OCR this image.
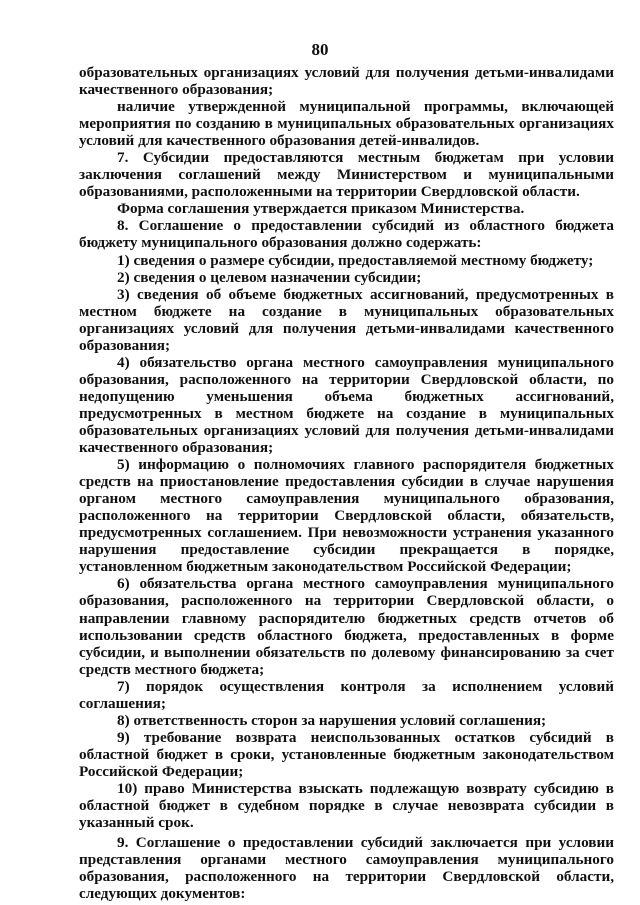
80

образовательных организациях условий для получения детьми-инвалидами качественного образования;

наличие утвержденной муниципальной программы, включающей мероприятия по созданию в муниципальных образовательных организациях условий для качественного образования детей-инвалидов.

7. Субсидии предоставляются местным бюджетам при условии заключения соглашений между Министерством и муниципальными образованиями, расположенными на территории Свердловской области.

Форма соглашения утверждается приказом Министерства.

8. Соглашение о предоставлении субсидий из областного бюджета бюджету муниципального образования должно содержать:

1) сведения о размере субсидии, предоставляемой местному бюджету;

2) сведения о целевом назначении субсидии;

3) сведения об объеме бюджетных ассигнований, предусмотренных в местном бюджете на создание в муниципальных образовательных организациях условий для получения детьми-инвалидами качественного образования;

4) обязательство органа местного самоуправления муниципального образования, расположенного на территории Свердловской области, по недопущению уменьшения объема бюджетных ассигнований, предусмотренных в местном бюджете на создание в муниципальных образовательных организациях условий для получения детьми-инвалидами качественного образования;

5) информацию о полномочиях главного распорядителя бюджетных средств на приостановление предоставления субсидии в случае нарушения органом местного самоуправления муниципального образования, расположенного на территории Свердловской области, обязательств, предусмотренных соглашением. При невозможности устранения указанного нарушения предоставление субсидии прекращается в порядке, установленном бюджетным законодательством Российской Федерации;

6) обязательства органа местного самоуправления муниципального образования, расположенного на территории Свердловской области, о направлении главному распорядителю бюджетных средств отчетов об использовании средств областного бюджета, предоставленных в форме субсидии, и выполнении обязательств по долевому финансированию за счет средств местного бюджета;

7) порядок осуществления контроля за исполнением условий соглашения;

8) ответственность сторон за нарушения условий соглашения;

9) требование возврата неиспользованных остатков субсидий в областной бюджет в сроки, установленные бюджетным законодательством Российской Федерации;

10) право Министерства взыскать подлежащую возврату субсидию в областной бюджет в судебном порядке в случае невозврата субсидии в указанный срок.

9. Соглашение о предоставлении субсидий заключается при условии представления органами местного самоуправления муниципального образования, расположенного на территории Свердловской области, следующих документов:
